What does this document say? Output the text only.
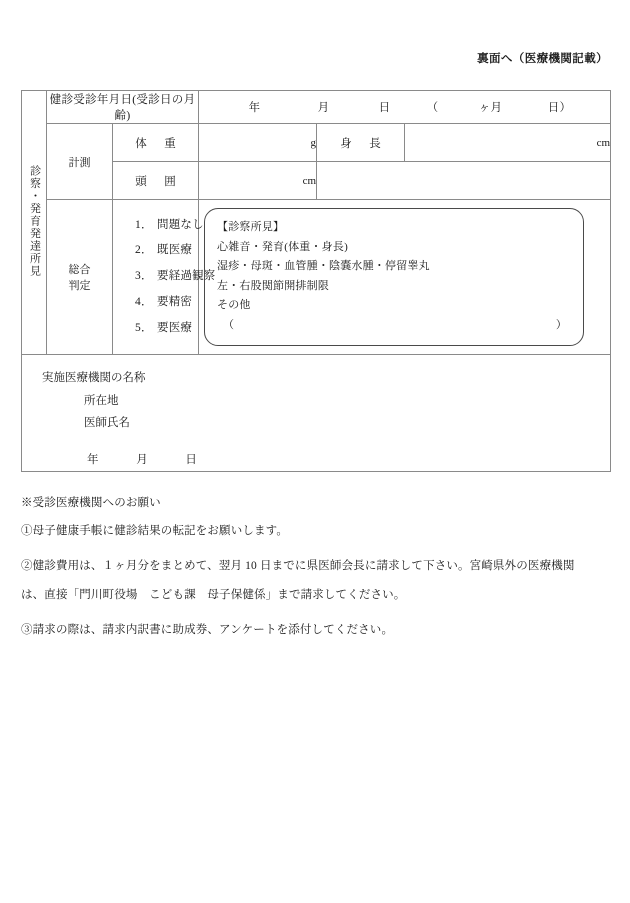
裏面へ（医療機関記載）
診察・発育発達所見	健診受診年月日(受診日の月齢)	
年	月	日	（	ヶ月	日）

	計測	体　重	g	身　長	cm
		頭　囲	cm		

総合
判定

1． 問題なし
2． 既医療
3． 要経過観察
4． 要精密
5． 要医療

【診察所見】
心雑音・発育(体重・身長)
湿疹・母斑・血管腫・陰嚢水腫・停留睾丸
左・右股関節開排制限
その他
（	）

実施医療機関の名称
所在地
医師氏名
年 月 日					

※受診医療機関へのお願い

①母子健康手帳に健診結果の転記をお願いします。

②健診費用は、１ヶ月分をまとめて、翌月 10 日までに県医師会長に請求して下さい。宮崎県外の医療機関

は、直接「門川町役場　こども課　母子保健係」まで請求してください。

③請求の際は、請求内訳書に助成券、アンケートを添付してください。
